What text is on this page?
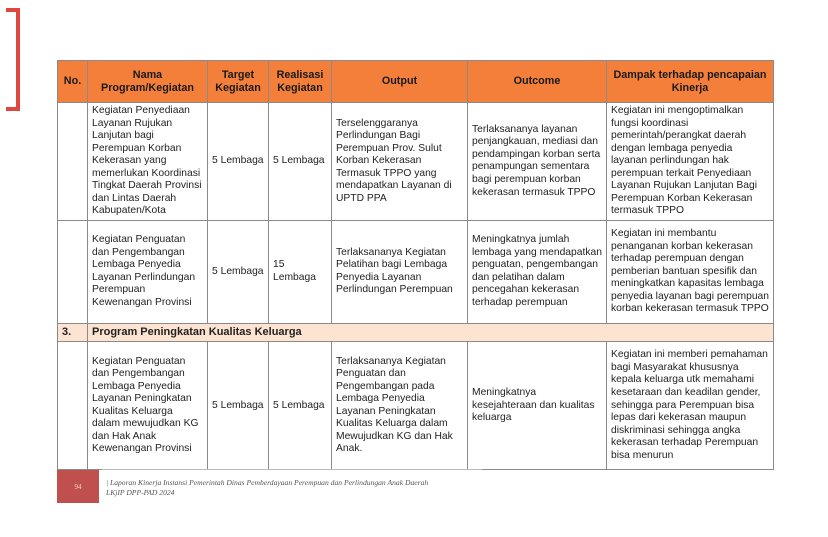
No.	Nama Program/Kegiatan	Target Kegiatan	Realisasi Kegiatan	Output	Outcome	Dampak terhadap pencapaian Kinerja
	Kegiatan Penyediaan Layanan Rujukan Lanjutan bagi Perempuan Korban Kekerasan yang memerlukan Koordinasi Tingkat Daerah Provinsi dan Lintas Daerah Kabupaten/Kota	5 Lembaga	5 Lembaga	Terselenggaranya Perlindungan Bagi Perempuan Prov. Sulut Korban Kekerasan Termasuk TPPO yang mendapatkan Layanan di UPTD PPA	Terlaksananya layanan penjangkauan, mediasi dan pendampingan korban serta penampungan sementara bagi perempuan korban kekerasan termasuk TPPO	Kegiatan ini mengoptimalkan fungsi koordinasi pemerintah/perangkat daerah dengan lembaga penyedia layanan perlindungan hak perempuan terkait Penyediaan Layanan Rujukan Lanjutan Bagi Perempuan Korban Kekerasan termasuk TPPO
	Kegiatan Penguatan dan Pengembangan Lembaga Penyedia Layanan Perlindungan Perempuan Kewenangan Provinsi	5 Lembaga	15 Lembaga	Terlaksananya Kegiatan Pelatihan bagi Lembaga Penyedia Layanan Perlindungan Perempuan	Meningkatnya jumlah lembaga yang mendapatkan penguatan, pengembangan dan pelatihan dalam pencegahan kekerasan terhadap perempuan	Kegiatan ini membantu penanganan korban kekerasan terhadap perempuan dengan pemberian bantuan spesifik dan meningkatkan kapasitas lembaga penyedia layanan bagi perempuan korban kekerasan termasuk TPPO
3.	Program Peningkatan Kualitas Keluarga					
	Kegiatan Penguatan dan Pengembangan Lembaga Penyedia Layanan Peningkatan Kualitas Keluarga dalam mewujudkan KG dan Hak Anak Kewenangan Provinsi	5 Lembaga	5 Lembaga	Terlaksananya Kegiatan Penguatan dan Pengembangan pada Lembaga Penyedia Layanan Peningkatan Kualitas Keluarga dalam Mewujudkan KG dan Hak Anak.	Meningkatnya kesejahteraan dan kualitas keluarga	Kegiatan ini memberi pemahaman bagi Masyarakat khususnya kepala keluarga utk memahami kesetaraan dan keadilan gender, sehingga para Perempuan bisa lepas dari kekerasan maupun diskriminasi sehingga angka kekerasan terhadap Perempuan bisa menurun
94	| Laporan Kinerja Instansi Pemerintah Dinas Pemberdayaan Perempuan dan Perlindungan Anak Daerah
LKjIP DPP-PAD 2024
